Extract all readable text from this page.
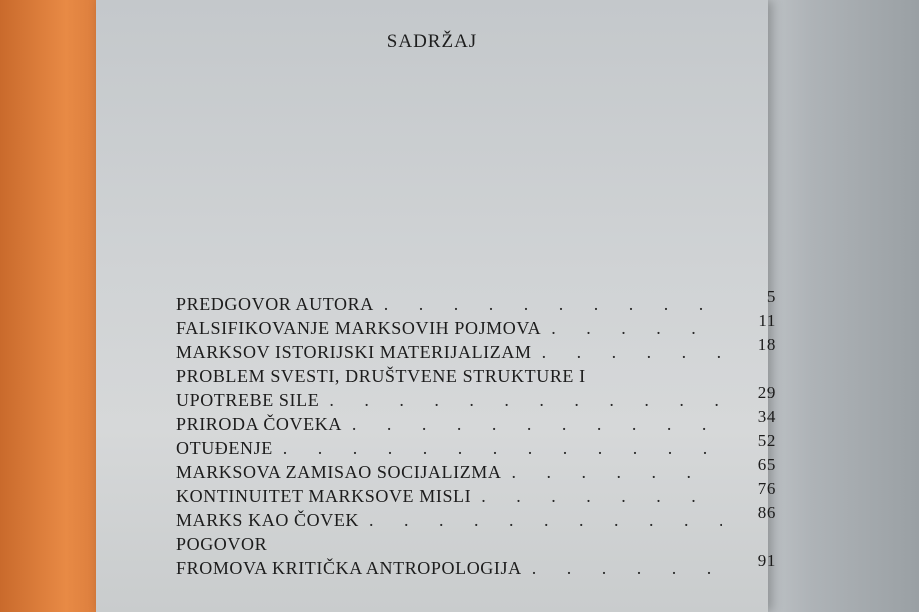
SADRŽAJ
PREDGOVOR AUTORA . . .	5
FALSIFIKOVANJE MARKSOVIH POJMOVA . . .	11
MARKSOV ISTORIJSKI MATERIJALIZAM . . .	18
PROBLEM SVESTI, DRUŠTVENE STRUKTURE I
UPOTREBE SILE . . .	29
PRIRODA ČOVEKA . . .	34
OTUĐENJE . . .	52
MARKSOVA ZAMISAO SOCIJALIZMA . . .	65
KONTINUITET MARKSOVE MISLI . . .	76
MARKS KAO ČOVEK . . .	86
POGOVOR
FROMOVA KRITIČKA ANTROPOLOGIJA . . .	91
